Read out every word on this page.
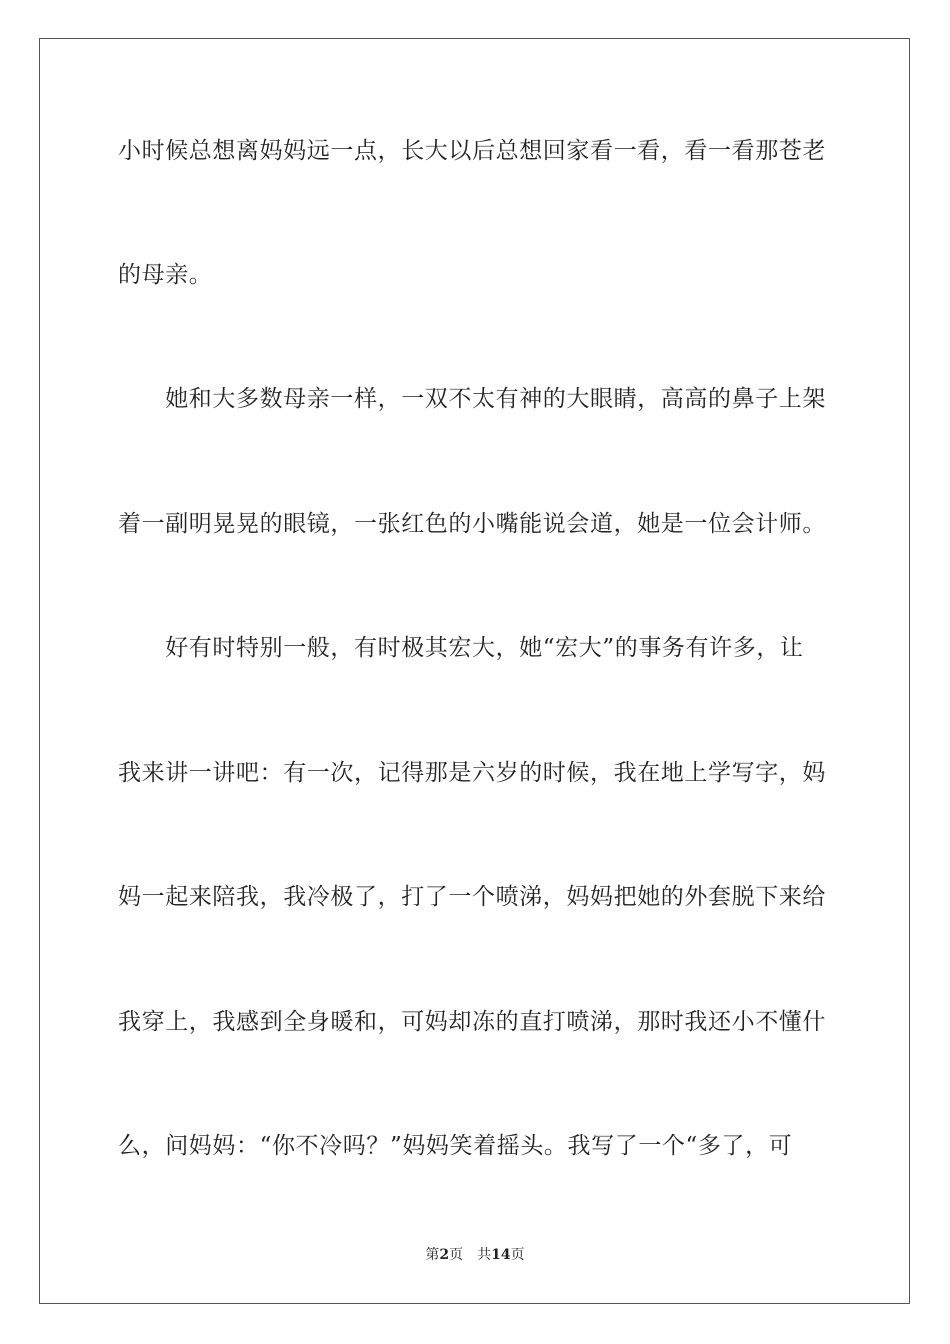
小时候总想离妈妈远一点，长大以后总想回家看一看，看一看那苍老
的母亲。
　　她和大多数母亲一样，一双不太有神的大眼睛，高高的鼻子上架
着一副明晃晃的眼镜，一张红色的小嘴能说会道，她是一位会计师。
　　好有时特别一般，有时极其宏大，她“宏大”的事务有许多，让
我来讲一讲吧：有一次，记得那是六岁的时候，我在地上学写字，妈
妈一起来陪我，我冷极了，打了一个喷涕，妈妈把她的外套脱下来给
我穿上，我感到全身暖和，可妈却冻的直打喷涕，那时我还小不懂什
么，问妈妈：“你不冷吗？”妈妈笑着摇头。我写了一个“多了，可
第2页　共14页
